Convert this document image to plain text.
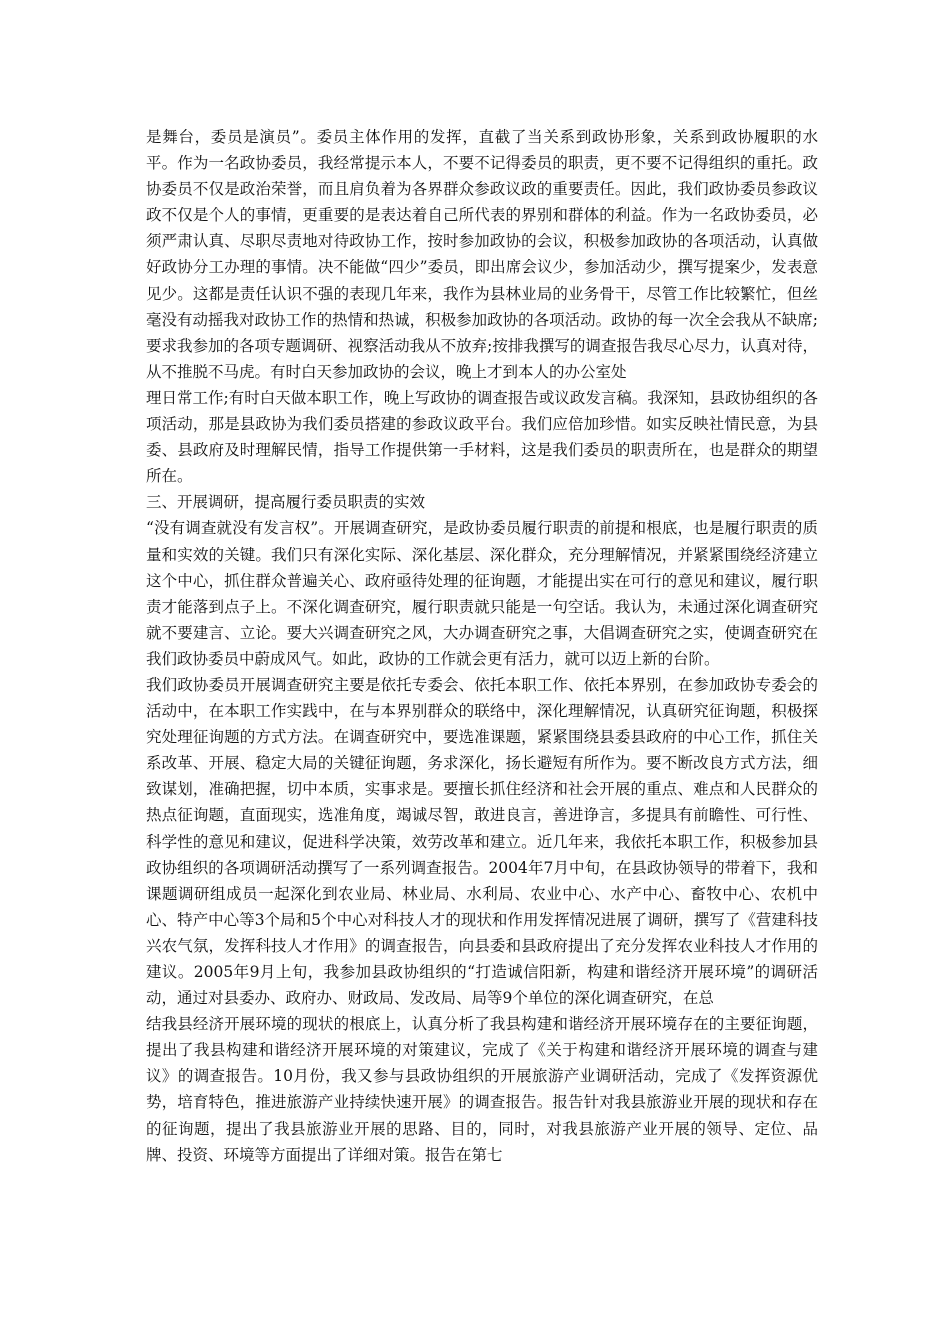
是舞台，委员是演员”。委员主体作用的发挥，直截了当关系到政协形象，关系到政协履职的水平。作为一名政协委员，我经常提示本人，不要不记得委员的职责，更不要不记得组织的重托。政协委员不仅是政治荣誉，而且肩负着为各界群众参政议政的重要责任。因此，我们政协委员参政议政不仅是个人的事情，更重要的是表达着自己所代表的界别和群体的利益。作为一名政协委员，必须严肃认真、尽职尽责地对待政协工作，按时参加政协的会议，积极参加政协的各项活动，认真做好政协分工办理的事情。决不能做“四少”委员，即出席会议少，参加活动少，撰写提案少，发表意见少。这都是责任认识不强的表现几年来，我作为县林业局的业务骨干，尽管工作比较繁忙，但丝毫没有动摇我对政协工作的热情和热诚，积极参加政协的各项活动。政协的每一次全会我从不缺席;要求我参加的各项专题调研、视察活动我从不放弃;按排我撰写的调查报告我尽心尽力，认真对待，从不推脱不马虎。有时白天参加政协的会议，晚上才到本人的办公室处

理日常工作;有时白天做本职工作，晚上写政协的调查报告或议政发言稿。我深知，县政协组织的各项活动，那是县政协为我们委员搭建的参政议政平台。我们应倍加珍惜。如实反映社情民意，为县委、县政府及时理解民情，指导工作提供第一手材料，这是我们委员的职责所在，也是群众的期望所在。

三、开展调研，提高履行委员职责的实效

“没有调查就没有发言权”。开展调查研究，是政协委员履行职责的前提和根底，也是履行职责的质量和实效的关键。我们只有深化实际、深化基层、深化群众，充分理解情况，并紧紧围绕经济建立这个中心，抓住群众普遍关心、政府亟待处理的征询题，才能提出实在可行的意见和建议，履行职责才能落到点子上。不深化调查研究，履行职责就只能是一句空话。我认为，未通过深化调查研究就不要建言、立论。要大兴调查研究之风，大办调查研究之事，大倡调查研究之实，使调查研究在我们政协委员中蔚成风气。如此，政协的工作就会更有活力，就可以迈上新的台阶。

我们政协委员开展调查研究主要是依托专委会、依托本职工作、依托本界别，在参加政协专委会的活动中，在本职工作实践中，在与本界别群众的联络中，深化理解情况，认真研究征询题，积极探究处理征询题的方式方法。在调查研究中，要选准课题，紧紧围绕县委县政府的中心工作，抓住关系改革、开展、稳定大局的关键征询题，务求深化，扬长避短有所作为。要不断改良方式方法，细致谋划，准确把握，切中本质，实事求是。要擅长抓住经济和社会开展的重点、难点和人民群众的热点征询题，直面现实，选准角度，竭诚尽智，敢进良言，善进诤言，多提具有前瞻性、可行性、科学性的意见和建议，促进科学决策，效劳改革和建立。近几年来，我依托本职工作，积极参加县政协组织的各项调研活动撰写了一系列调查报告。2004年7月中旬，在县政协领导的带着下，我和课题调研组成员一起深化到农业局、林业局、水利局、农业中心、水产中心、畜牧中心、农机中心、特产中心等3个局和5个中心对科技人才的现状和作用发挥情况进展了调研，撰写了《营建科技兴农气氛，发挥科技人才作用》的调查报告，向县委和县政府提出了充分发挥农业科技人才作用的建议。2005年9月上旬，我参加县政协组织的“打造诚信阳新，构建和谐经济开展环境”的调研活动，通过对县委办、政府办、财政局、发改局、局等9个单位的深化调查研究，在总

结我县经济开展环境的现状的根底上，认真分析了我县构建和谐经济开展环境存在的主要征询题，提出了我县构建和谐经济开展环境的对策建议，完成了《关于构建和谐经济开展环境的调查与建议》的调查报告。10月份，我又参与县政协组织的开展旅游产业调研活动，完成了《发挥资源优势，培育特色，推进旅游产业持续快速开展》的调查报告。报告针对我县旅游业开展的现状和存在的征询题，提出了我县旅游业开展的思路、目的，同时，对我县旅游产业开展的领导、定位、品牌、投资、环境等方面提出了详细对策。报告在第七
